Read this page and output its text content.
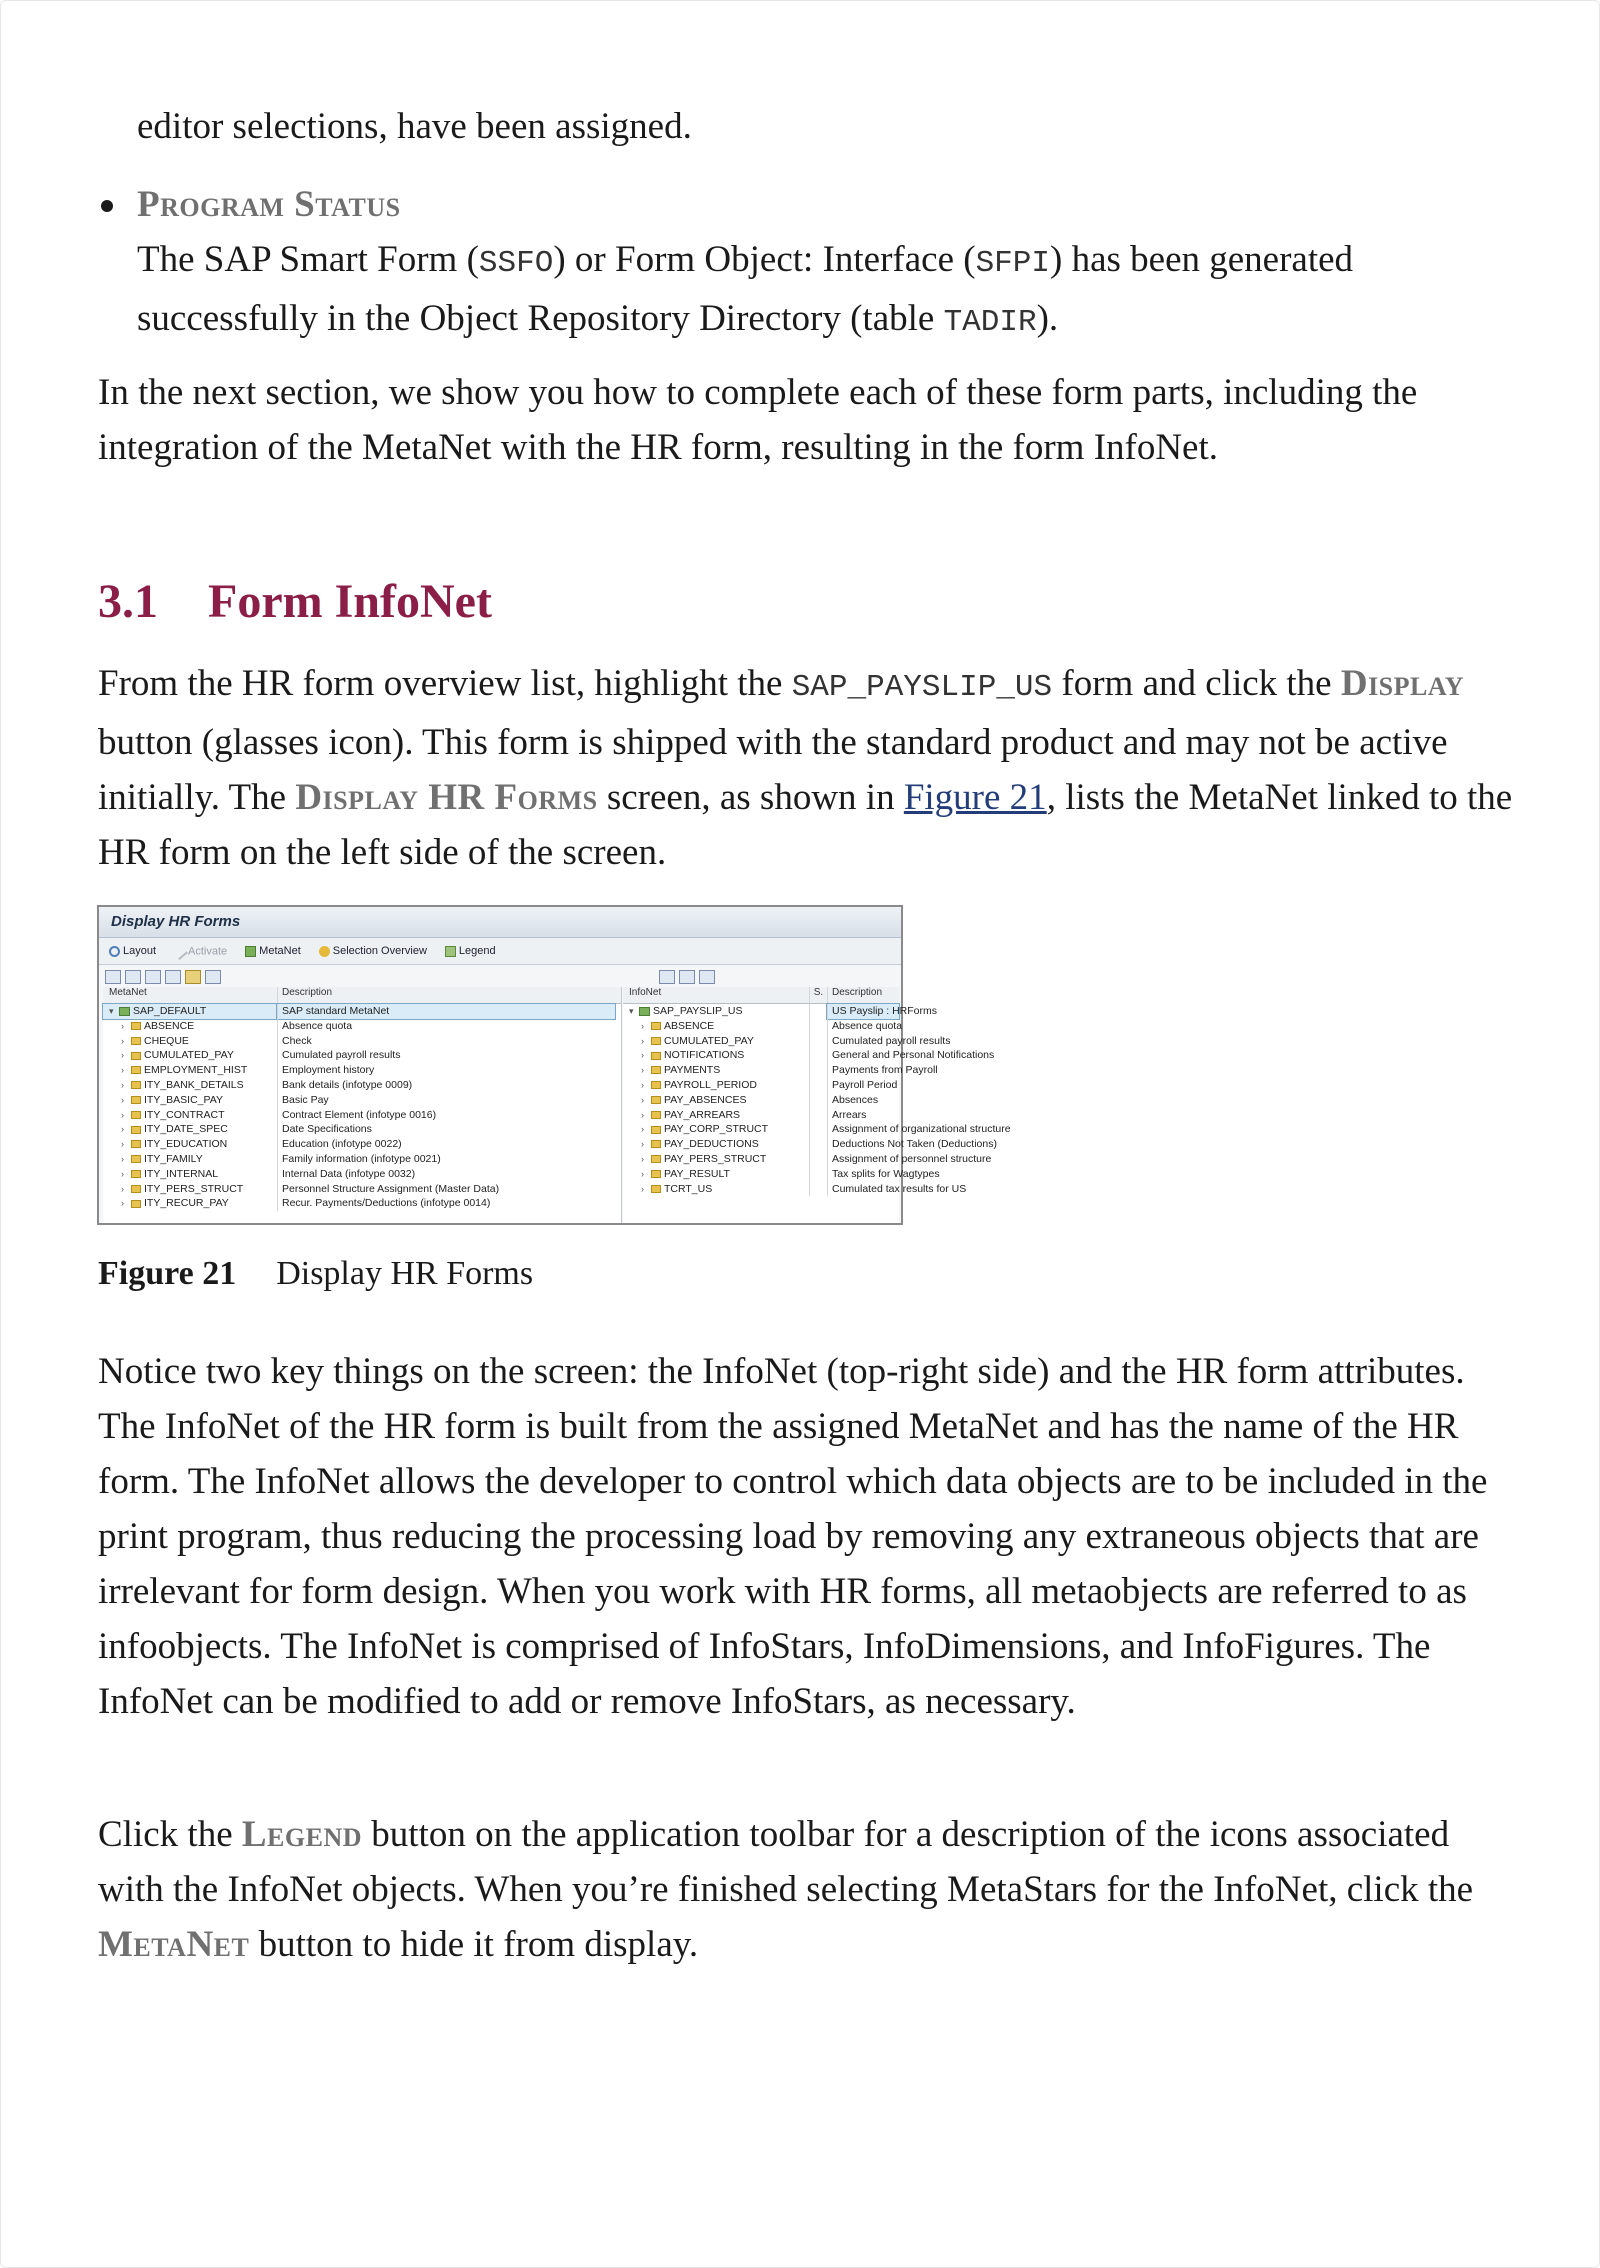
editor selections, have been assigned.
Program Status
The SAP Smart Form (SSFO) or Form Object: Interface (SFPI) has been generated successfully in the Object Repository Directory (table TADIR).
In the next section, we show you how to complete each of these form parts, including the integration of the MetaNet with the HR form, resulting in the form InfoNet.
3.1 Form InfoNet
From the HR form overview list, highlight the SAP_PAYSLIP_US form and click the Display button (glasses icon). This form is shipped with the standard product and may not be active initially. The Display HR Forms screen, as shown in Figure 21, lists the MetaNet linked to the HR form on the left side of the screen.
Display HR Forms
Layout	Activate	MetaNet	Selection Overview	Legend
MetaNet	Description
▾ SAP_DEFAULT	SAP standard MetaNet
› ABSENCE	Absence quota
› CHEQUE	Check
› CUMULATED_PAY	Cumulated payroll results
› EMPLOYMENT_HIST	Employment history
› ITY_BANK_DETAILS	Bank details (infotype 0009)
› ITY_BASIC_PAY	Basic Pay
› ITY_CONTRACT	Contract Element (infotype 0016)
› ITY_DATE_SPEC	Date Specifications
› ITY_EDUCATION	Education (infotype 0022)
› ITY_FAMILY	Family information (infotype 0021)
› ITY_INTERNAL	Internal Data (infotype 0032)
› ITY_PERS_STRUCT	Personnel Structure Assignment (Master Data)
› ITY_RECUR_PAY	Recur. Payments/Deductions (infotype 0014)
InfoNet	S. Description
▾ SAP_PAYSLIP_US	US Payslip : HRForms
› ABSENCE	Absence quota
› CUMULATED_PAY	Cumulated payroll results
› NOTIFICATIONS	General and Personal Notifications
› PAYMENTS	Payments from Payroll
› PAYROLL_PERIOD	Payroll Period
› PAY_ABSENCES	Absences
› PAY_ARREARS	Arrears
› PAY_CORP_STRUCT	Assignment of organizational structure
› PAY_DEDUCTIONS	Deductions Not Taken (Deductions)
› PAY_PERS_STRUCT	Assignment of personnel structure
› PAY_RESULT	Tax splits for Wagtypes
› TCRT_US	Cumulated tax results for US
Figure 21 Display HR Forms
Notice two key things on the screen: the InfoNet (top-right side) and the HR form attributes. The InfoNet of the HR form is built from the assigned MetaNet and has the name of the HR form. The InfoNet allows the developer to control which data objects are to be included in the print program, thus reducing the processing load by removing any extraneous objects that are irrelevant for form design. When you work with HR forms, all metaobjects are referred to as infoobjects. The InfoNet is comprised of InfoStars, InfoDimensions, and InfoFigures. The InfoNet can be modified to add or remove InfoStars, as necessary.
Click the Legend button on the application toolbar for a description of the icons associated with the InfoNet objects. When you’re finished selecting MetaStars for the InfoNet, click the MetaNet button to hide it from display.
